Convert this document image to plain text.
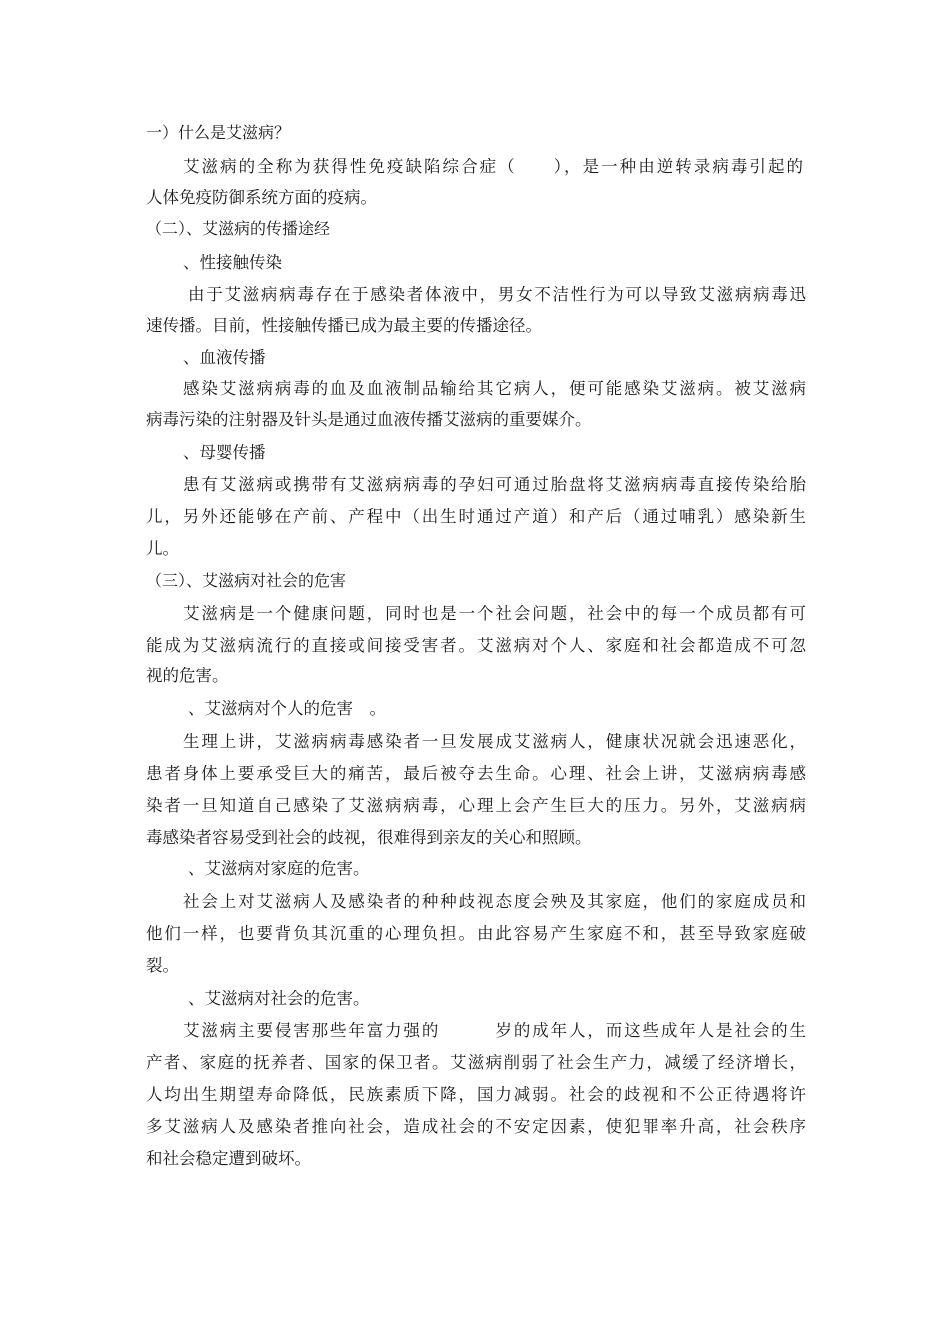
一）什么是艾滋病？
艾滋病的全称为获得性免疫缺陷综合症（　　），是一种由逆转录病毒引起的
人体免疫防御系统方面的疫病。
（二）、艾滋病的传播途经
、性接触传染
由于艾滋病病毒存在于感染者体液中，男女不洁性行为可以导致艾滋病病毒迅
速传播。目前，性接触传播已成为最主要的传播途径。
、血液传播
感染艾滋病病毒的血及血液制品输给其它病人，便可能感染艾滋病。被艾滋病
病毒污染的注射器及针头是通过血液传播艾滋病的重要媒介。
、母婴传播
患有艾滋病或携带有艾滋病病毒的孕妇可通过胎盘将艾滋病病毒直接传染给胎
儿，另外还能够在产前、产程中（出生时通过产道）和产后（通过哺乳）感染新生
儿。
（三）、艾滋病对社会的危害
艾滋病是一个健康问题，同时也是一个社会问题，社会中的每一个成员都有可
能成为艾滋病流行的直接或间接受害者。艾滋病对个人、家庭和社会都造成不可忽
视的危害。
、艾滋病对个人的危害　。
生理上讲，艾滋病病毒感染者一旦发展成艾滋病人，健康状况就会迅速恶化，
患者身体上要承受巨大的痛苦，最后被夺去生命。心理、社会上讲，艾滋病病毒感
染者一旦知道自己感染了艾滋病病毒，心理上会产生巨大的压力。另外，艾滋病病
毒感染者容易受到社会的歧视，很难得到亲友的关心和照顾。
、艾滋病对家庭的危害。
社会上对艾滋病人及感染者的种种歧视态度会殃及其家庭，他们的家庭成员和
他们一样，也要背负其沉重的心理负担。由此容易产生家庭不和，甚至导致家庭破
裂。
、艾滋病对社会的危害。
艾滋病主要侵害那些年富力强的　　　岁的成年人，而这些成年人是社会的生
产者、家庭的抚养者、国家的保卫者。艾滋病削弱了社会生产力，减缓了经济增长，
人均出生期望寿命降低，民族素质下降，国力减弱。社会的歧视和不公正待遇将许
多艾滋病人及感染者推向社会，造成社会的不安定因素，使犯罪率升高，社会秩序
和社会稳定遭到破坏。
